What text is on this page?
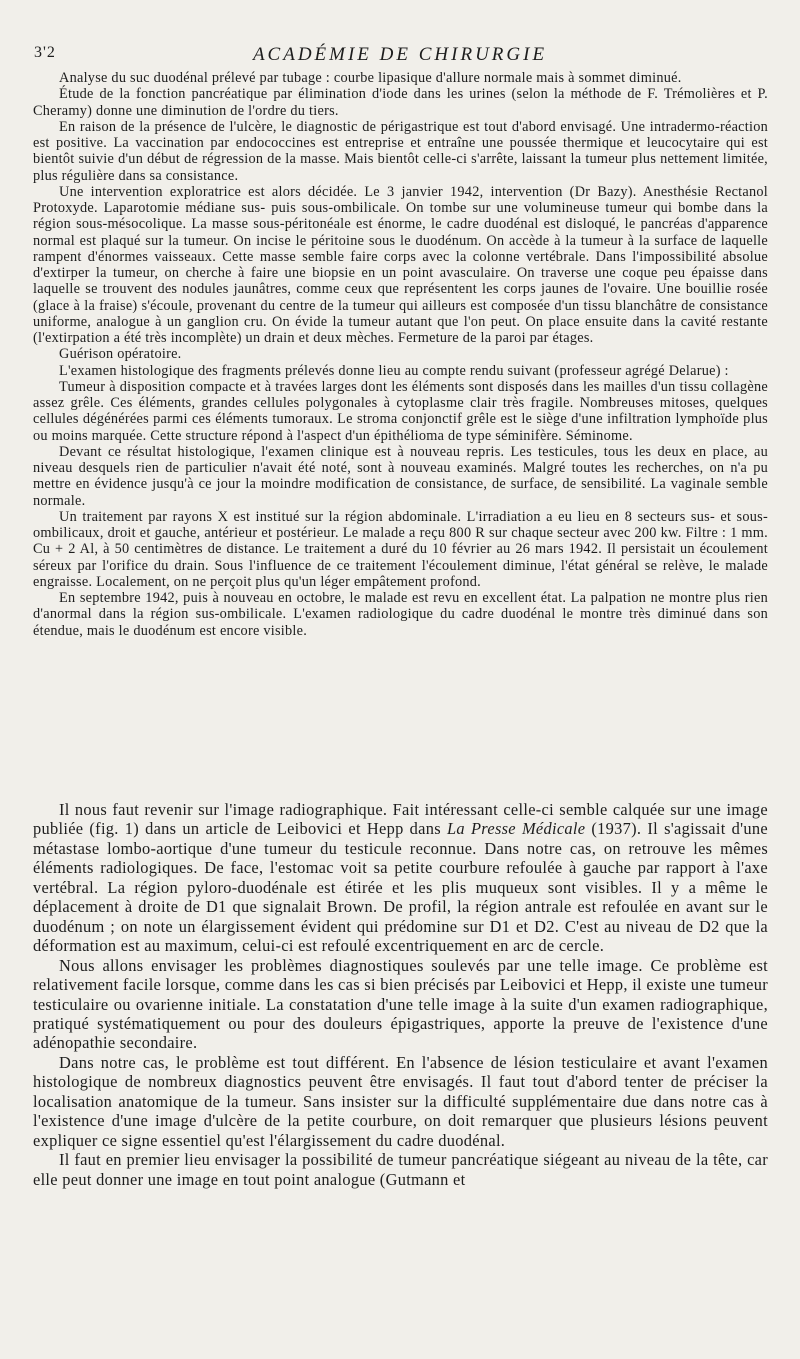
3'2	ACADÉMIE DE CHIRURGIE

Analyse du suc duodénal prélevé par tubage : courbe lipasique d'allure normale mais à sommet diminué.

Étude de la fonction pancréatique par élimination d'iode dans les urines (selon la méthode de F. Trémolières et P. Cheramy) donne une diminution de l'ordre du tiers.

En raison de la présence de l'ulcère, le diagnostic de périgastrique est tout d'abord envisagé. Une intradermo-réaction est positive. La vaccination par endococcines est entreprise et entraîne une poussée thermique et leucocytaire qui est bientôt suivie d'un début de régression de la masse. Mais bientôt celle-ci s'arrête, laissant la tumeur plus nettement limitée, plus régulière dans sa consistance.

Une intervention exploratrice est alors décidée. Le 3 janvier 1942, intervention (Dr Bazy). Anesthésie Rectanol Protoxyde. Laparotomie médiane sus- puis sous-ombilicale. On tombe sur une volumineuse tumeur qui bombe dans la région sous-mésocolique. La masse sous-péritonéale est énorme, le cadre duodénal est disloqué, le pancréas d'apparence normal est plaqué sur la tumeur. On incise le péritoine sous le duodénum. On accède à la tumeur à la surface de laquelle rampent d'énormes vaisseaux. Cette masse semble faire corps avec la colonne vertébrale. Dans l'impossibilité absolue d'extirper la tumeur, on cherche à faire une biopsie en un point avasculaire. On traverse une coque peu épaisse dans laquelle se trouvent des nodules jaunâtres, comme ceux que représentent les corps jaunes de l'ovaire. Une bouillie rosée (glace à la fraise) s'écoule, provenant du centre de la tumeur qui ailleurs est composée d'un tissu blanchâtre de consistance uniforme, analogue à un ganglion cru. On évide la tumeur autant que l'on peut. On place ensuite dans la cavité restante (l'extirpation a été très incomplète) un drain et deux mèches. Fermeture de la paroi par étages.

Guérison opératoire.

L'examen histologique des fragments prélevés donne lieu au compte rendu suivant (professeur agrégé Delarue) :

Tumeur à disposition compacte et à travées larges dont les éléments sont disposés dans les mailles d'un tissu collagène assez grêle. Ces éléments, grandes cellules polygonales à cytoplasme clair très fragile. Nombreuses mitoses, quelques cellules dégénérées parmi ces éléments tumoraux. Le stroma conjonctif grêle est le siège d'une infiltration lymphoïde plus ou moins marquée. Cette structure répond à l'aspect d'un épithélioma de type séminifère. Séminome.

Devant ce résultat histologique, l'examen clinique est à nouveau repris. Les testicules, tous les deux en place, au niveau desquels rien de particulier n'avait été noté, sont à nouveau examinés. Malgré toutes les recherches, on n'a pu mettre en évidence jusqu'à ce jour la moindre modification de consistance, de surface, de sensibilité. La vaginale semble normale.

Un traitement par rayons X est institué sur la région abdominale. L'irradiation a eu lieu en 8 secteurs sus- et sous-ombilicaux, droit et gauche, antérieur et postérieur. Le malade a reçu 800 R sur chaque secteur avec 200 kw. Filtre : 1 mm. Cu + 2 Al, à 50 centimètres de distance. Le traitement a duré du 10 février au 26 mars 1942. Il persistait un écoulement séreux par l'orifice du drain. Sous l'influence de ce traitement l'écoulement diminue, l'état général se relève, le malade engraisse. Localement, on ne perçoit plus qu'un léger empâtement profond.

En septembre 1942, puis à nouveau en octobre, le malade est revu en excellent état. La palpation ne montre plus rien d'anormal dans la région sus-ombilicale. L'examen radiologique du cadre duodénal le montre très diminué dans son étendue, mais le duodénum est encore visible.

Il nous faut revenir sur l'image radiographique. Fait intéressant celle-ci semble calquée sur une image publiée (fig. 1) dans un article de Leibovici et Hepp dans La Presse Médicale (1937). Il s'agissait d'une métastase lombo-aortique d'une tumeur du testicule reconnue. Dans notre cas, on retrouve les mêmes éléments radiologiques. De face, l'estomac voit sa petite courbure refoulée à gauche par rapport à l'axe vertébral. La région pyloro-duodénale est étirée et les plis muqueux sont visibles. Il y a même le déplacement à droite de D1 que signalait Brown. De profil, la région antrale est refoulée en avant sur le duodénum ; on note un élargissement évident qui prédomine sur D1 et D2. C'est au niveau de D2 que la déformation est au maximum, celui-ci est refoulé excentriquement en arc de cercle.

Nous allons envisager les problèmes diagnostiques soulevés par une telle image. Ce problème est relativement facile lorsque, comme dans les cas si bien précisés par Leibovici et Hepp, il existe une tumeur testiculaire ou ovarienne initiale. La constatation d'une telle image à la suite d'un examen radiographique, pratiqué systématiquement ou pour des douleurs épigastriques, apporte la preuve de l'existence d'une adénopathie secondaire.

Dans notre cas, le problème est tout différent. En l'absence de lésion testiculaire et avant l'examen histologique de nombreux diagnostics peuvent être envisagés. Il faut tout d'abord tenter de préciser la localisation anatomique de la tumeur. Sans insister sur la difficulté supplémentaire due dans notre cas à l'existence d'une image d'ulcère de la petite courbure, on doit remarquer que plusieurs lésions peuvent expliquer ce signe essentiel qu'est l'élargissement du cadre duodénal.

Il faut en premier lieu envisager la possibilité de tumeur pancréatique siégeant au niveau de la tête, car elle peut donner une image en tout point analogue (Gutmann et
